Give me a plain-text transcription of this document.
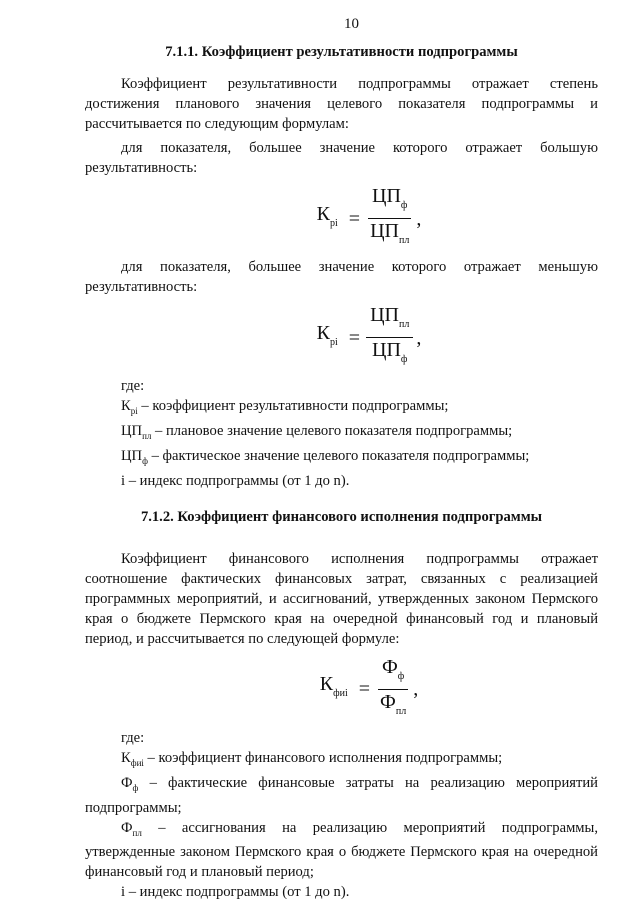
10
7.1.1. Коэффициент результативности подпрограммы

Коэффициент результативности подпрограммы отражает степень достижения планового значения целевого показателя подпрограммы и рассчитывается по следующим формулам:

для показателя, большее значение которого отражает большую результативность:

$К_{рi} = \frac{ЦП_ф}{ЦП_{пл}}$ ,

для показателя, большее значение которого отражает меньшую результативность:

$К_{рi} = \frac{ЦП_{пл}}{ЦП_ф}$ ,

где:

$К_{рi}$ – коэффициент результативности подпрограммы;

$ЦП_{пл}$ – плановое значение целевого показателя подпрограммы;

$ЦП_ф$ – фактическое значение целевого показателя подпрограммы;

i – индекс подпрограммы (от 1 до n).

7.1.2. Коэффициент финансового исполнения подпрограммы

Коэффициент финансового исполнения подпрограммы отражает соотношение фактических финансовых затрат, связанных с реализацией программных мероприятий, и ассигнований, утвержденных законом Пермского края о бюджете Пермского края на очередной финансовый год и плановый период, и рассчитывается по следующей формуле:

$К_{фиi} = \frac{Ф_ф}{Ф_{пл}}$ ,

где:

$К_{фиi}$ – коэффициент финансового исполнения подпрограммы;

$Ф_ф$ – фактические финансовые затраты на реализацию мероприятий подпрограммы;

$Ф_{пл}$ – ассигнования на реализацию мероприятий подпрограммы, утвержденные законом Пермского края о бюджете Пермского края на очередной финансовый год и плановый период;

i – индекс подпрограммы (от 1 до n).
